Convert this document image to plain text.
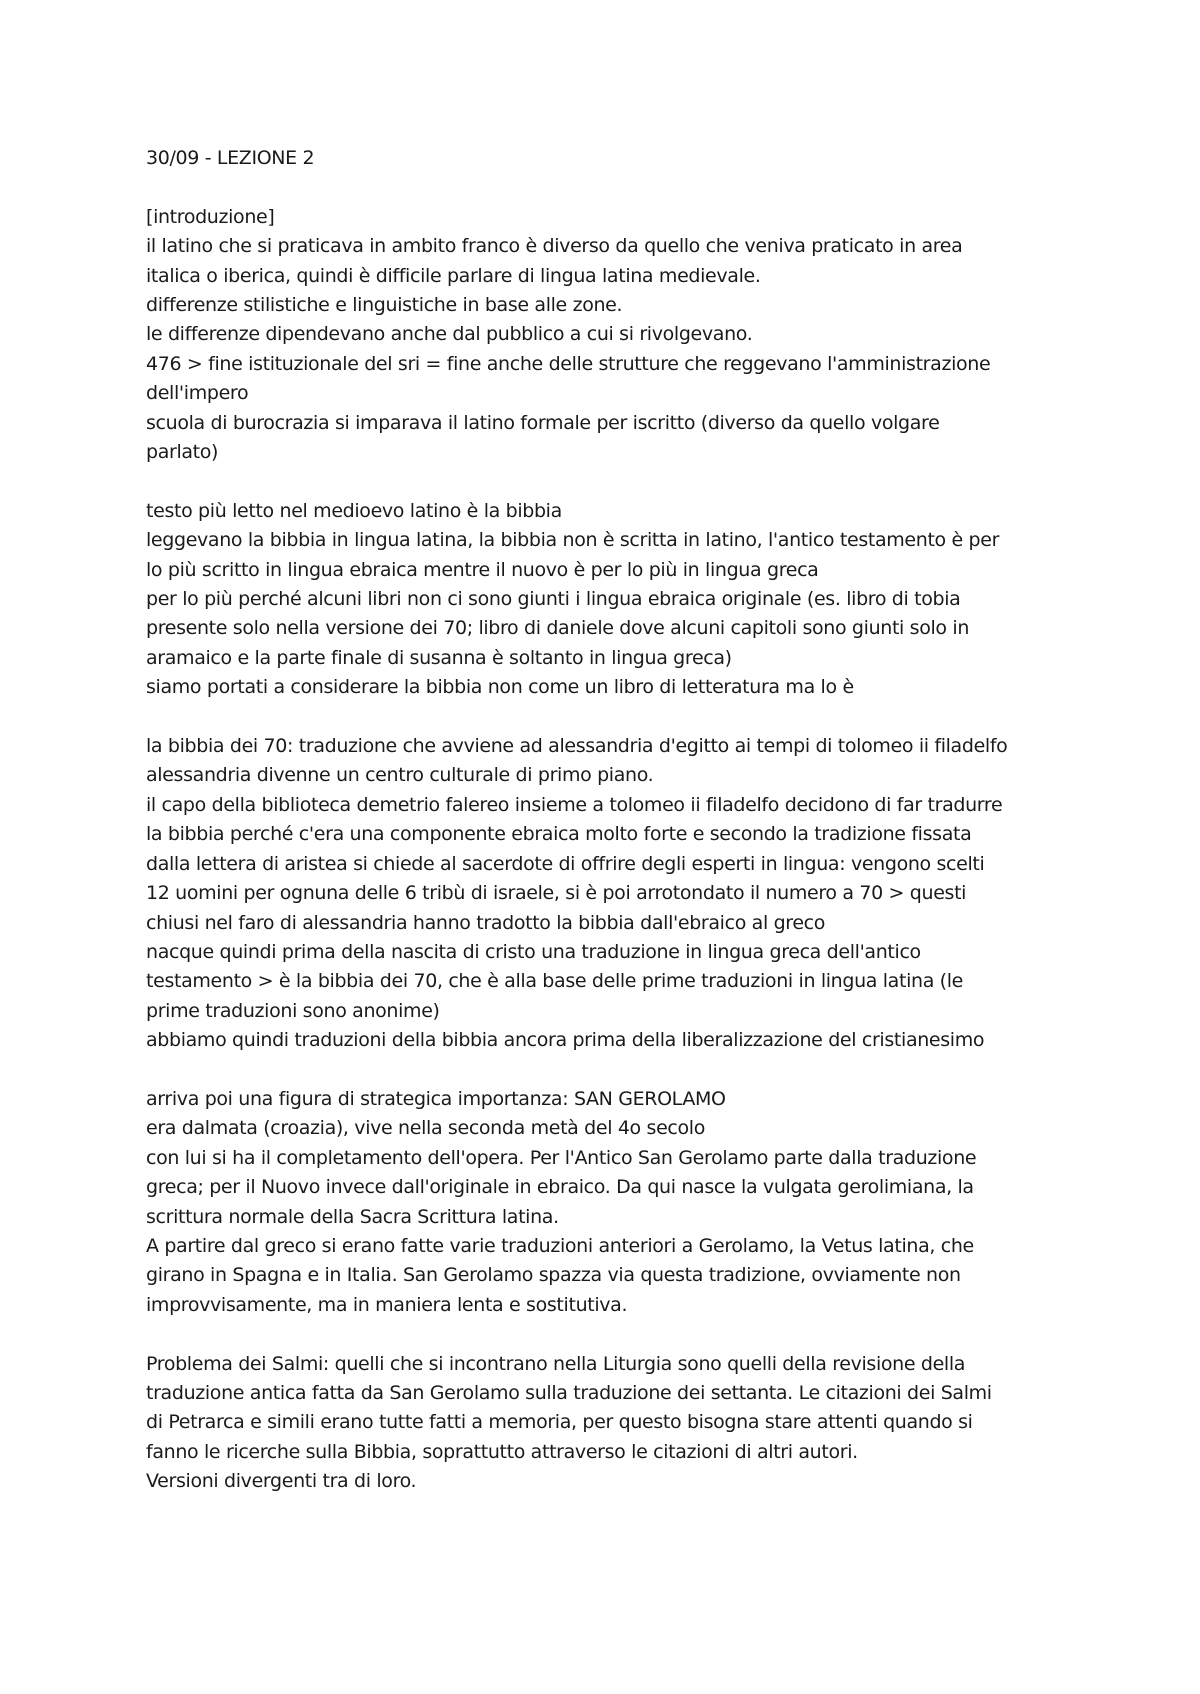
30/09 - LEZIONE 2
[introduzione]
il latino che si praticava in ambito franco è diverso da quello che veniva praticato in area
italica o iberica, quindi è difficile parlare di lingua latina medievale.
differenze stilistiche e linguistiche in base alle zone.
le differenze dipendevano anche dal pubblico a cui si rivolgevano.
476 > fine istituzionale del sri = fine anche delle strutture che reggevano l'amministrazione
dell'impero
scuola di burocrazia si imparava il latino formale per iscritto (diverso da quello volgare
parlato)
testo più letto nel medioevo latino è la bibbia
leggevano la bibbia in lingua latina, la bibbia non è scritta in latino, l'antico testamento è per
lo più scritto in lingua ebraica mentre il nuovo è per lo più in lingua greca
per lo più perché alcuni libri non ci sono giunti i lingua ebraica originale (es. libro di tobia
presente solo nella versione dei 70; libro di daniele dove alcuni capitoli sono giunti solo in
aramaico e la parte finale di susanna è soltanto in lingua greca)
siamo portati a considerare la bibbia non come un libro di letteratura ma lo è
la bibbia dei 70: traduzione che avviene ad alessandria d'egitto ai tempi di tolomeo ii filadelfo
alessandria divenne un centro culturale di primo piano.
il capo della biblioteca demetrio falereo insieme a tolomeo ii filadelfo decidono di far tradurre
la bibbia perché c'era una componente ebraica molto forte e secondo la tradizione fissata
dalla lettera di aristea si chiede al sacerdote di offrire degli esperti in lingua: vengono scelti
12 uomini per ognuna delle 6 tribù di israele, si è poi arrotondato il numero a 70 > questi
chiusi nel faro di alessandria hanno tradotto la bibbia dall'ebraico al greco
nacque quindi prima della nascita di cristo una traduzione in lingua greca dell'antico
testamento > è la bibbia dei 70, che è alla base delle prime traduzioni in lingua latina (le
prime traduzioni sono anonime)
abbiamo quindi traduzioni della bibbia ancora prima della liberalizzazione del cristianesimo
arriva poi una figura di strategica importanza: SAN GEROLAMO
era dalmata (croazia), vive nella seconda metà del 4o secolo
con lui si ha il completamento dell'opera. Per l'Antico San Gerolamo parte dalla traduzione
greca; per il Nuovo invece dall'originale in ebraico. Da qui nasce la vulgata gerolimiana, la
scrittura normale della Sacra Scrittura latina.
A partire dal greco si erano fatte varie traduzioni anteriori a Gerolamo, la Vetus latina, che
girano in Spagna e in Italia. San Gerolamo spazza via questa tradizione, ovviamente non
improvvisamente, ma in maniera lenta e sostitutiva.
Problema dei Salmi: quelli che si incontrano nella Liturgia sono quelli della revisione della
traduzione antica fatta da San Gerolamo sulla traduzione dei settanta. Le citazioni dei Salmi
di Petrarca e simili erano tutte fatti a memoria, per questo bisogna stare attenti quando si
fanno le ricerche sulla Bibbia, soprattutto attraverso le citazioni di altri autori.
Versioni divergenti tra di loro.
